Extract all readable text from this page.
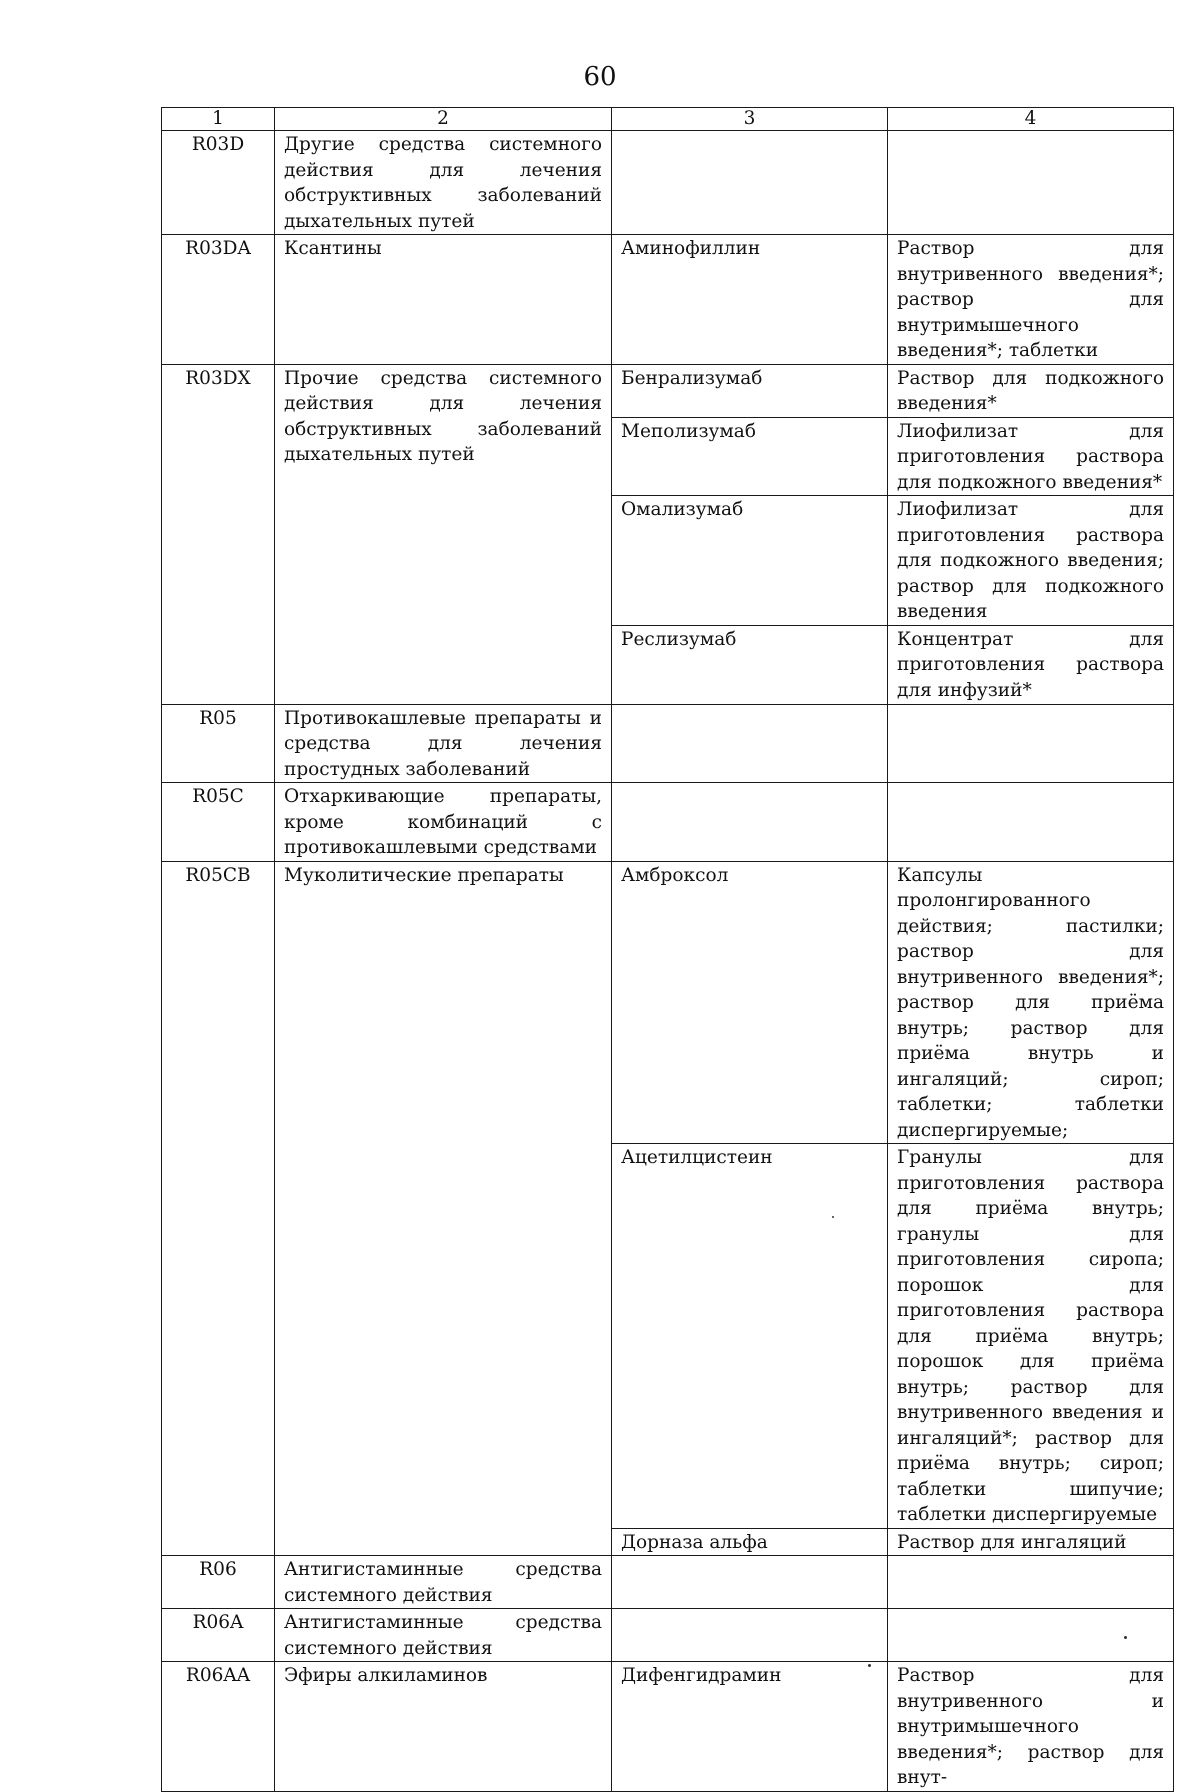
60
1	2	3	4
R03D	Другие средства системного действия для лечения обструктивных заболеваний дыхательных путей		
R03DA	Ксантины	Аминофиллин	Раствор для внутривенного введения*; раствор для внутримышечного введения*; таблетки
R03DX	Прочие средства системного действия для лечения обструктивных заболеваний дыхательных путей	Бенрализумаб	Раствор для подкожного введения*
		Меполизумаб	Лиофилизат для приготовления раствора для подкожного введения*
		Омализумаб	Лиофилизат для приготовления раствора для подкожного введения; раствор для подкожного введения
		Реслизумаб	Концентрат для приготовления раствора для инфузий*
R05	Противокашлевые препараты и средства для лечения простудных заболеваний		
R05C	Отхаркивающие препараты, кроме комбинаций с противокашлевыми средствами		
R05CB	Муколитические препараты	Амброксол	Капсулы пролонгированного действия; пастилки; раствор для внутривенного введения*; раствор для приёма внутрь; раствор для приёма внутрь и ингаляций; сироп; таблетки; таблетки диспергируемые;
		Ацетилцистеин	Гранулы для приготовления раствора для приёма внутрь; гранулы для приготовления сиропа; порошок для приготовления раствора для приёма внутрь; порошок для приёма внутрь; раствор для внутривенного введения и ингаляций*; раствор для приёма внутрь; сироп; таблетки шипучие; таблетки диспергируемые
		Дорназа альфа	Раствор для ингаляций
R06	Антигистаминные средства системного действия		
R06A	Антигистаминные средства системного действия		
R06AA	Эфиры алкиламинов	Дифенгидрамин	Раствор для внутривенного и внутримышечного введения*; раствор для внут-
